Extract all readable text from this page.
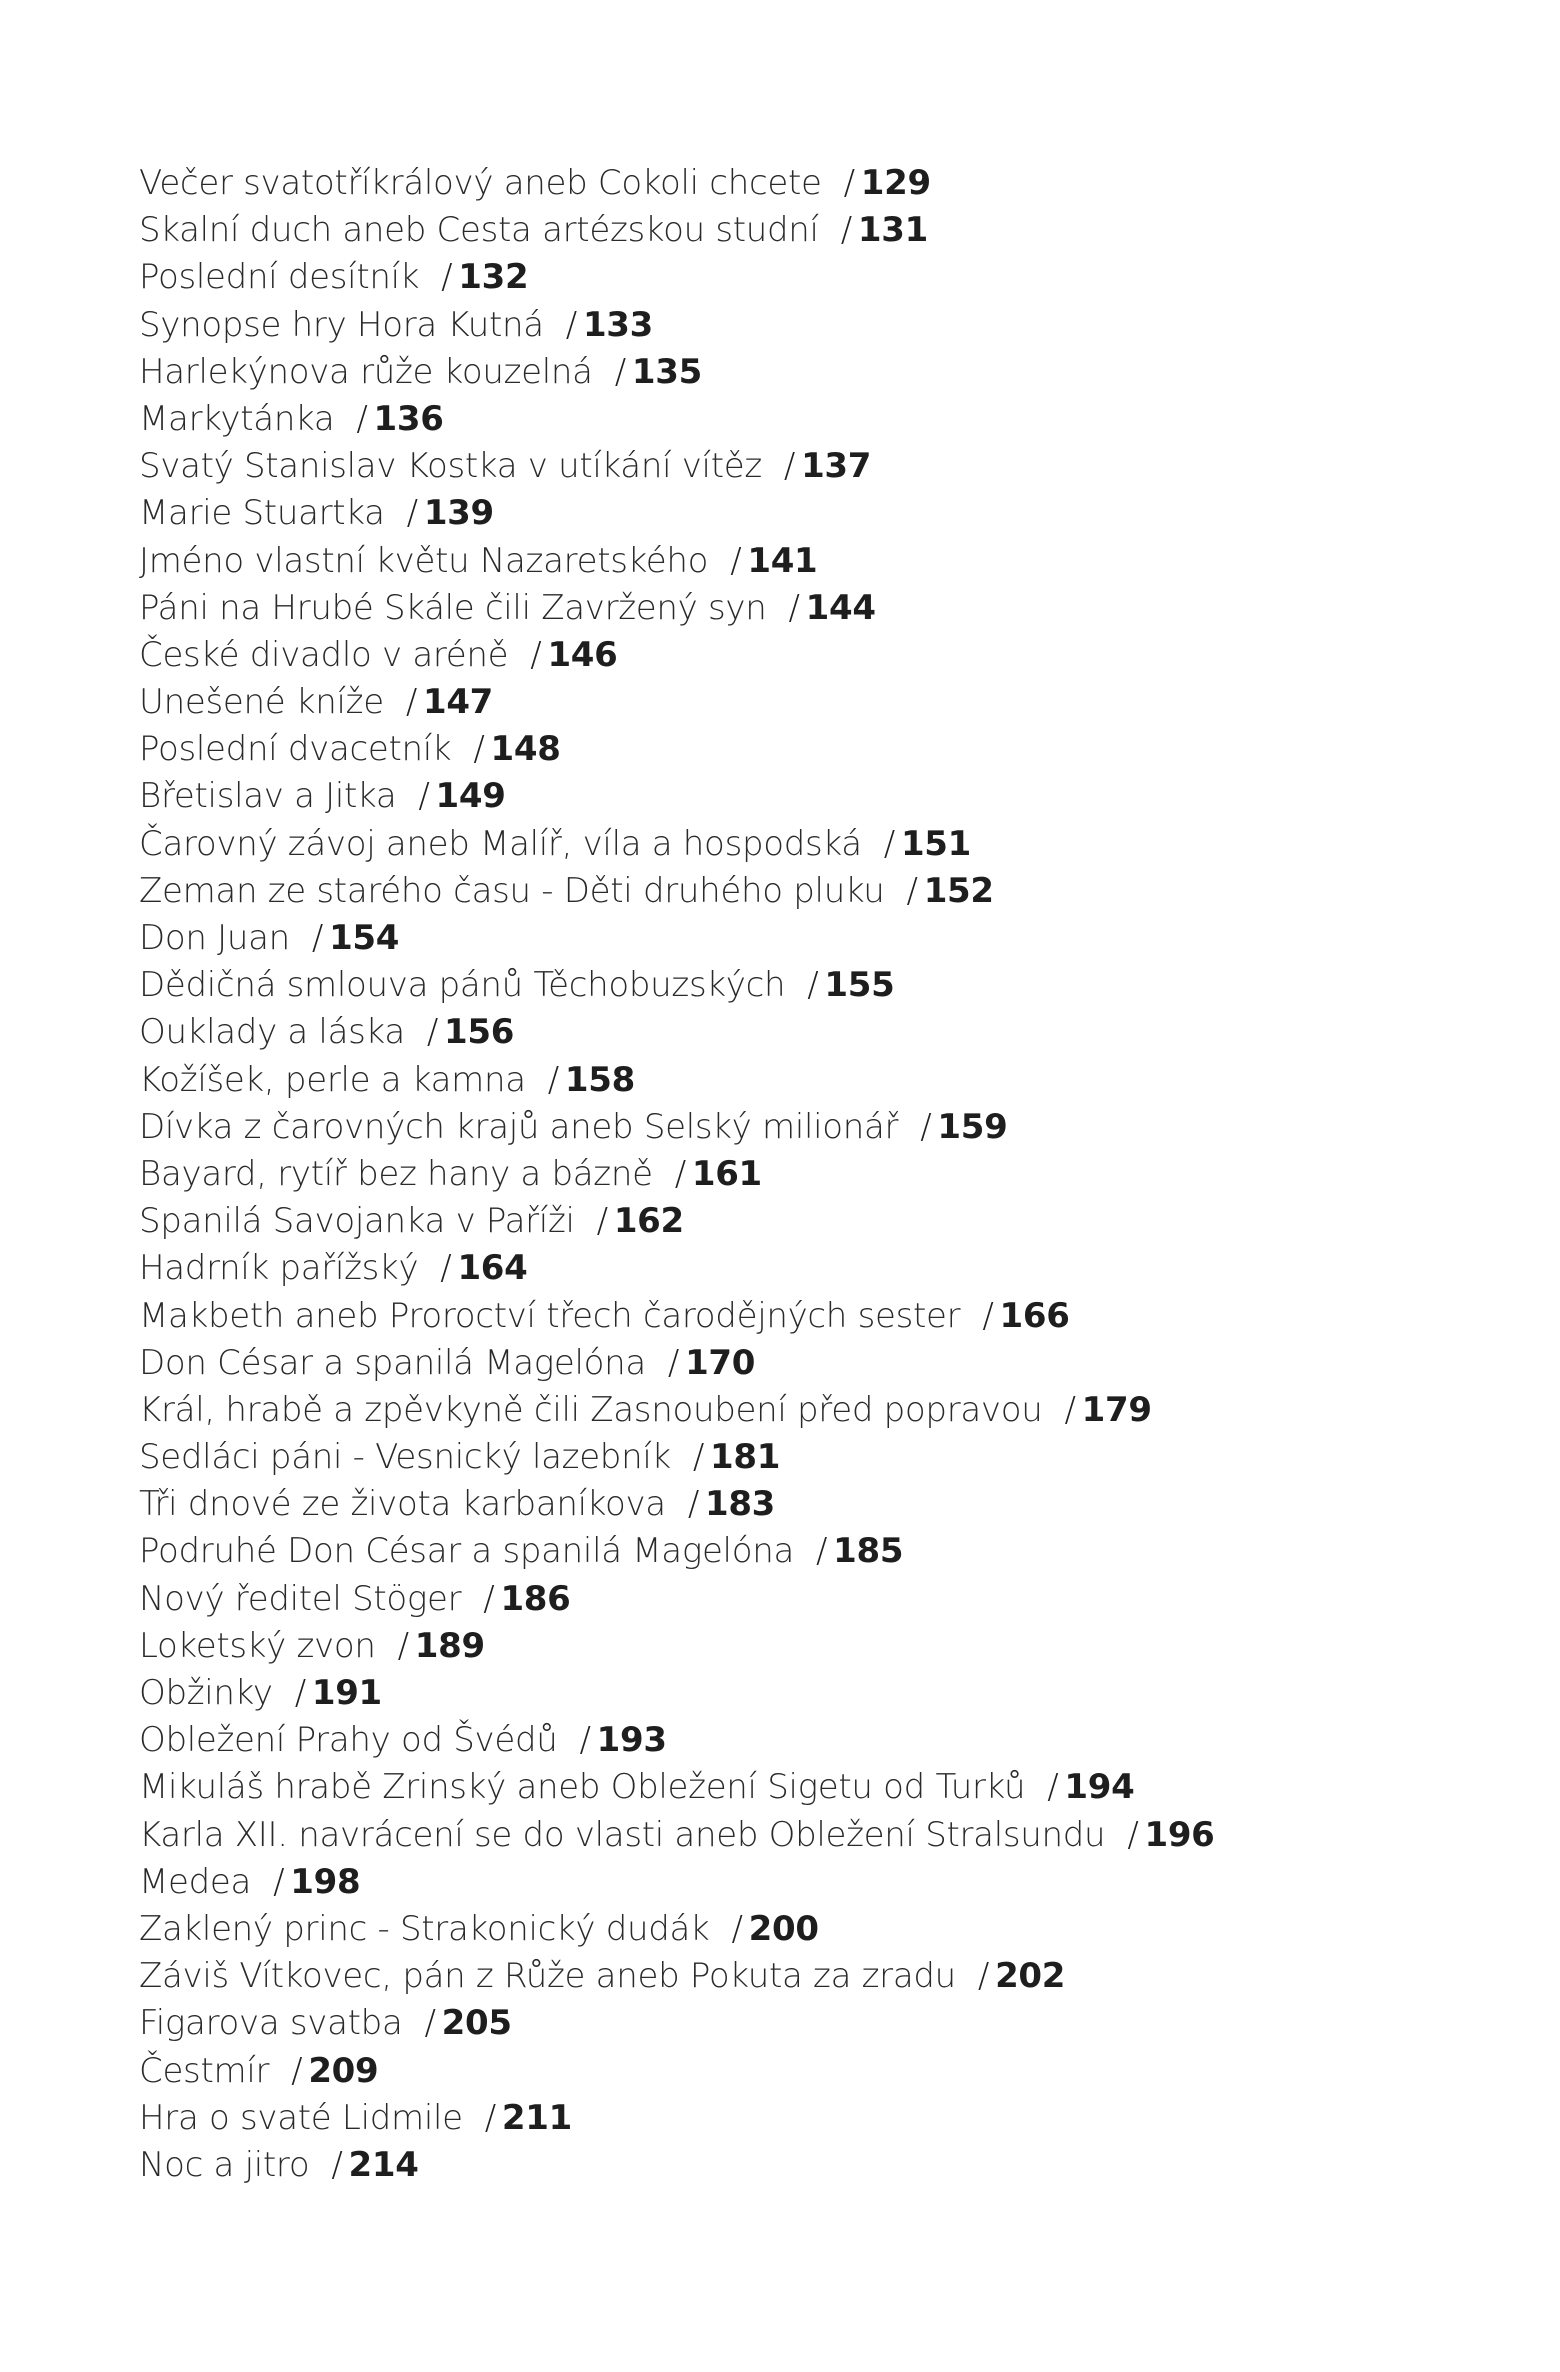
Večer svatotříkrálový aneb Cokoli chcete / 129
Skalní duch aneb Cesta artézskou studní / 131
Poslední desítník / 132
Synopse hry Hora Kutná / 133
Harlekýnova růže kouzelná / 135
Markytánka / 136
Svatý Stanislav Kostka v utíkání vítěz / 137
Marie Stuartka / 139
Jméno vlastní květu Nazaretského / 141
Páni na Hrubé Skále čili Zavržený syn / 144
České divadlo v aréně / 146
Unešené kníže / 147
Poslední dvacetník / 148
Břetislav a Jitka / 149
Čarovný závoj aneb Malíř, víla a hospodská / 151
Zeman ze starého času - Děti druhého pluku / 152
Don Juan / 154
Dědičná smlouva pánů Těchobuzských / 155
Ouklady a láska / 156
Kožíšek, perle a kamna / 158
Dívka z čarovných krajů aneb Selský milionář / 159
Bayard, rytíř bez hany a bázně / 161
Spanilá Savojanka v Paříži / 162
Hadrník pařížský / 164
Makbeth aneb Proroctví třech čarodějných sester / 166
Don César a spanilá Magelóna / 170
Král, hrabě a zpěvkyně čili Zasnoubení před popravou / 179
Sedláci páni - Vesnický lazebník / 181
Tři dnové ze života karbaníkova / 183
Podruhé Don César a spanilá Magelóna / 185
Nový ředitel Stöger / 186
Loketský zvon / 189
Obžinky / 191
Obležení Prahy od Švédů / 193
Mikuláš hrabě Zrinský aneb Obležení Sigetu od Turků / 194
Karla XII. navrácení se do vlasti aneb Obležení Stralsundu / 196
Medea / 198
Zaklený princ - Strakonický dudák / 200
Záviš Vítkovec, pán z Růže aneb Pokuta za zradu / 202
Figarova svatba / 205
Čestmír / 209
Hra o svaté Lidmile / 211
Noc a jitro / 214
